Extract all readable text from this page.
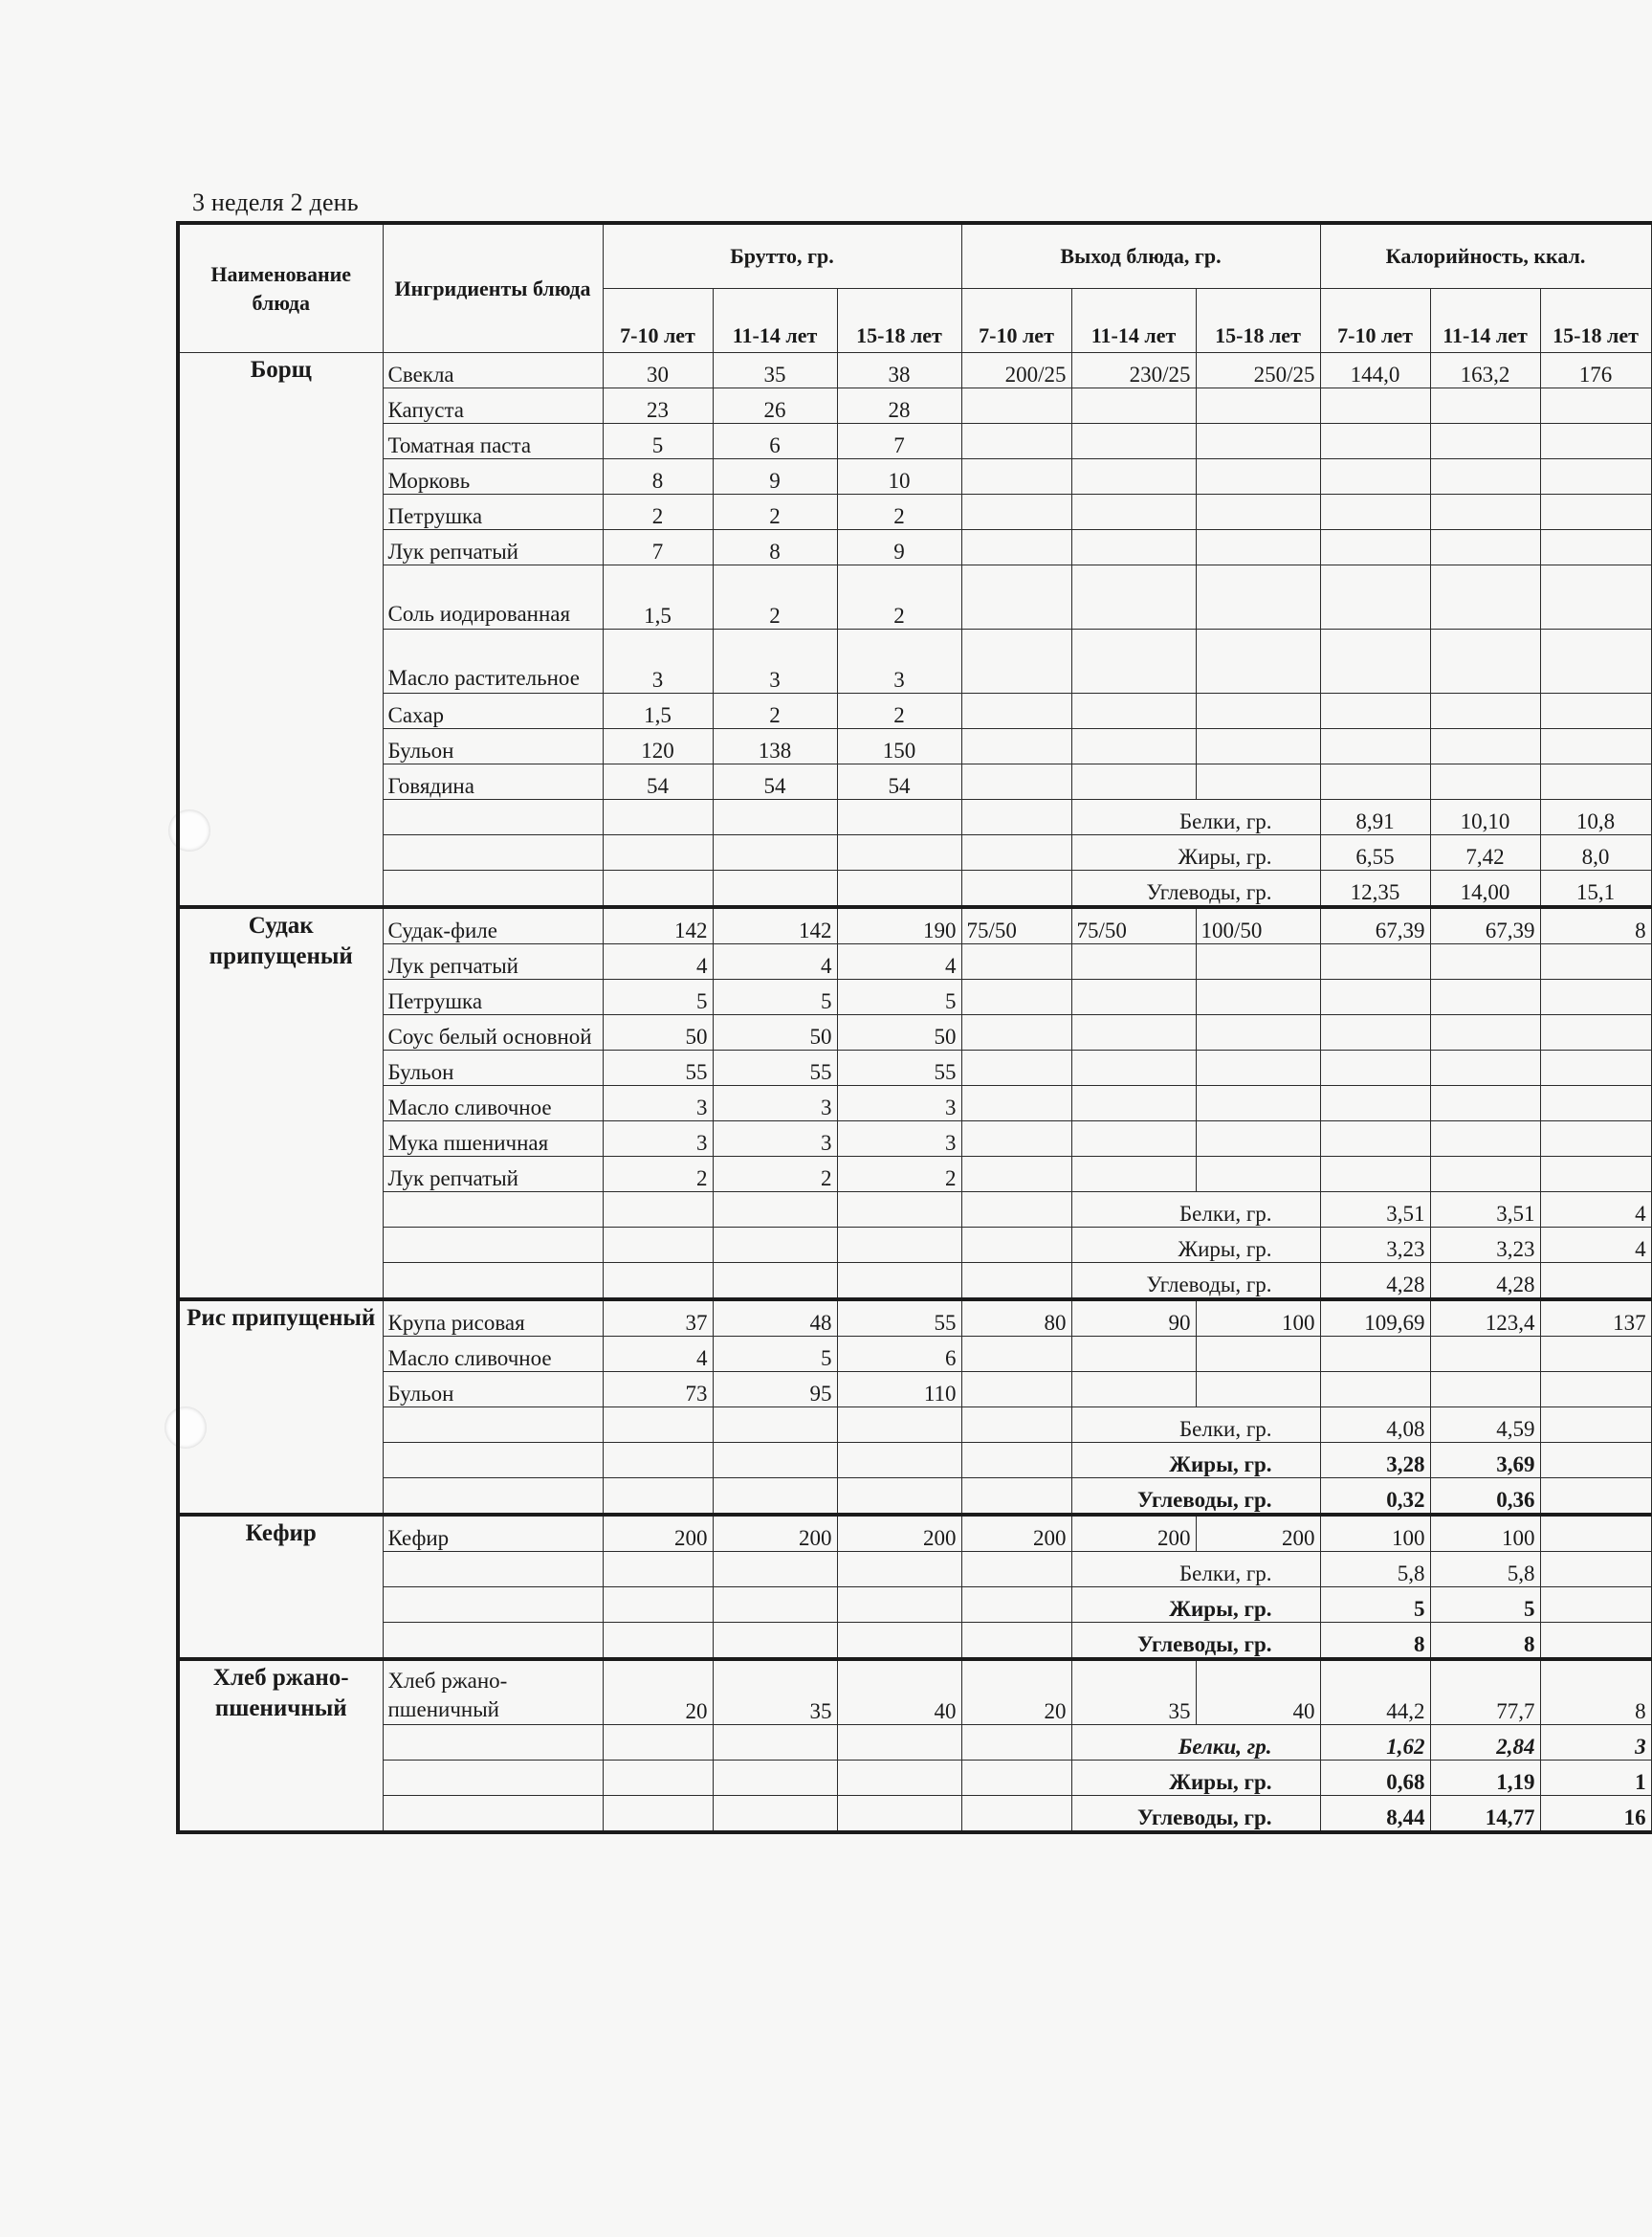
3 неделя 2 день
Наименование блюда	Ингридиенты блюда	Брутто, гр.			Выход блюда, гр.			Калорийность, ккал.		
		7-10 лет	11-14 лет	15-18 лет	7-10 лет	11-14 лет	15-18 лет	7-10 лет	11-14 лет	15-18 лет
Борщ	Свекла	30	35	38	200/25	230/25	250/25	144,0	163,2	176
	Капуста	23	26	28						
	Томатная паста	5	6	7						
	Морковь	8	9	10						
	Петрушка	2	2	2						
	Лук репчатый	7	8	9						
	Соль иодированная	1,5	2	2						
	Масло растительное	3	3	3						
	Сахар	1,5	2	2						
	Бульон	120	138	150						
	Говядина	54	54	54						
						Белки, гр.		8,91	10,10	10,8
						Жиры, гр.		6,55	7,42	8,0
						Углеводы, гр.		12,35	14,00	15,1
Судак припущеный	Судак-филе	142	142	190	75/50	75/50	100/50	67,39	67,39	8
	Лук репчатый	4	4	4						
	Петрушка	5	5	5						
	Соус белый основной	50	50	50						
	Бульон	55	55	55						
	Масло сливочное	3	3	3						
	Мука пшеничная	3	3	3						
	Лук репчатый	2	2	2						
						Белки, гр.		3,51	3,51	4
						Жиры, гр.		3,23	3,23	4
						Углеводы, гр.		4,28	4,28	
Рис припущеный	Крупа рисовая	37	48	55	80	90	100	109,69	123,4	137
	Масло сливочное	4	5	6						
	Бульон	73	95	110						
						Белки, гр.		4,08	4,59	
						Жиры, гр.		3,28	3,69	
						Углеводы, гр.		0,32	0,36	
Кефир	Кефир	200	200	200	200	200	200	100	100	
						Белки, гр.		5,8	5,8	
						Жиры, гр.		5	5	
						Углеводы, гр.		8	8	
Хлеб ржано-пшеничный	Хлеб ржано-пшеничный	20	35	40	20	35	40	44,2	77,7	8
						Белки, гр.		1,62	2,84	3
						Жиры, гр.		0,68	1,19	1
						Углеводы, гр.		8,44	14,77	16
